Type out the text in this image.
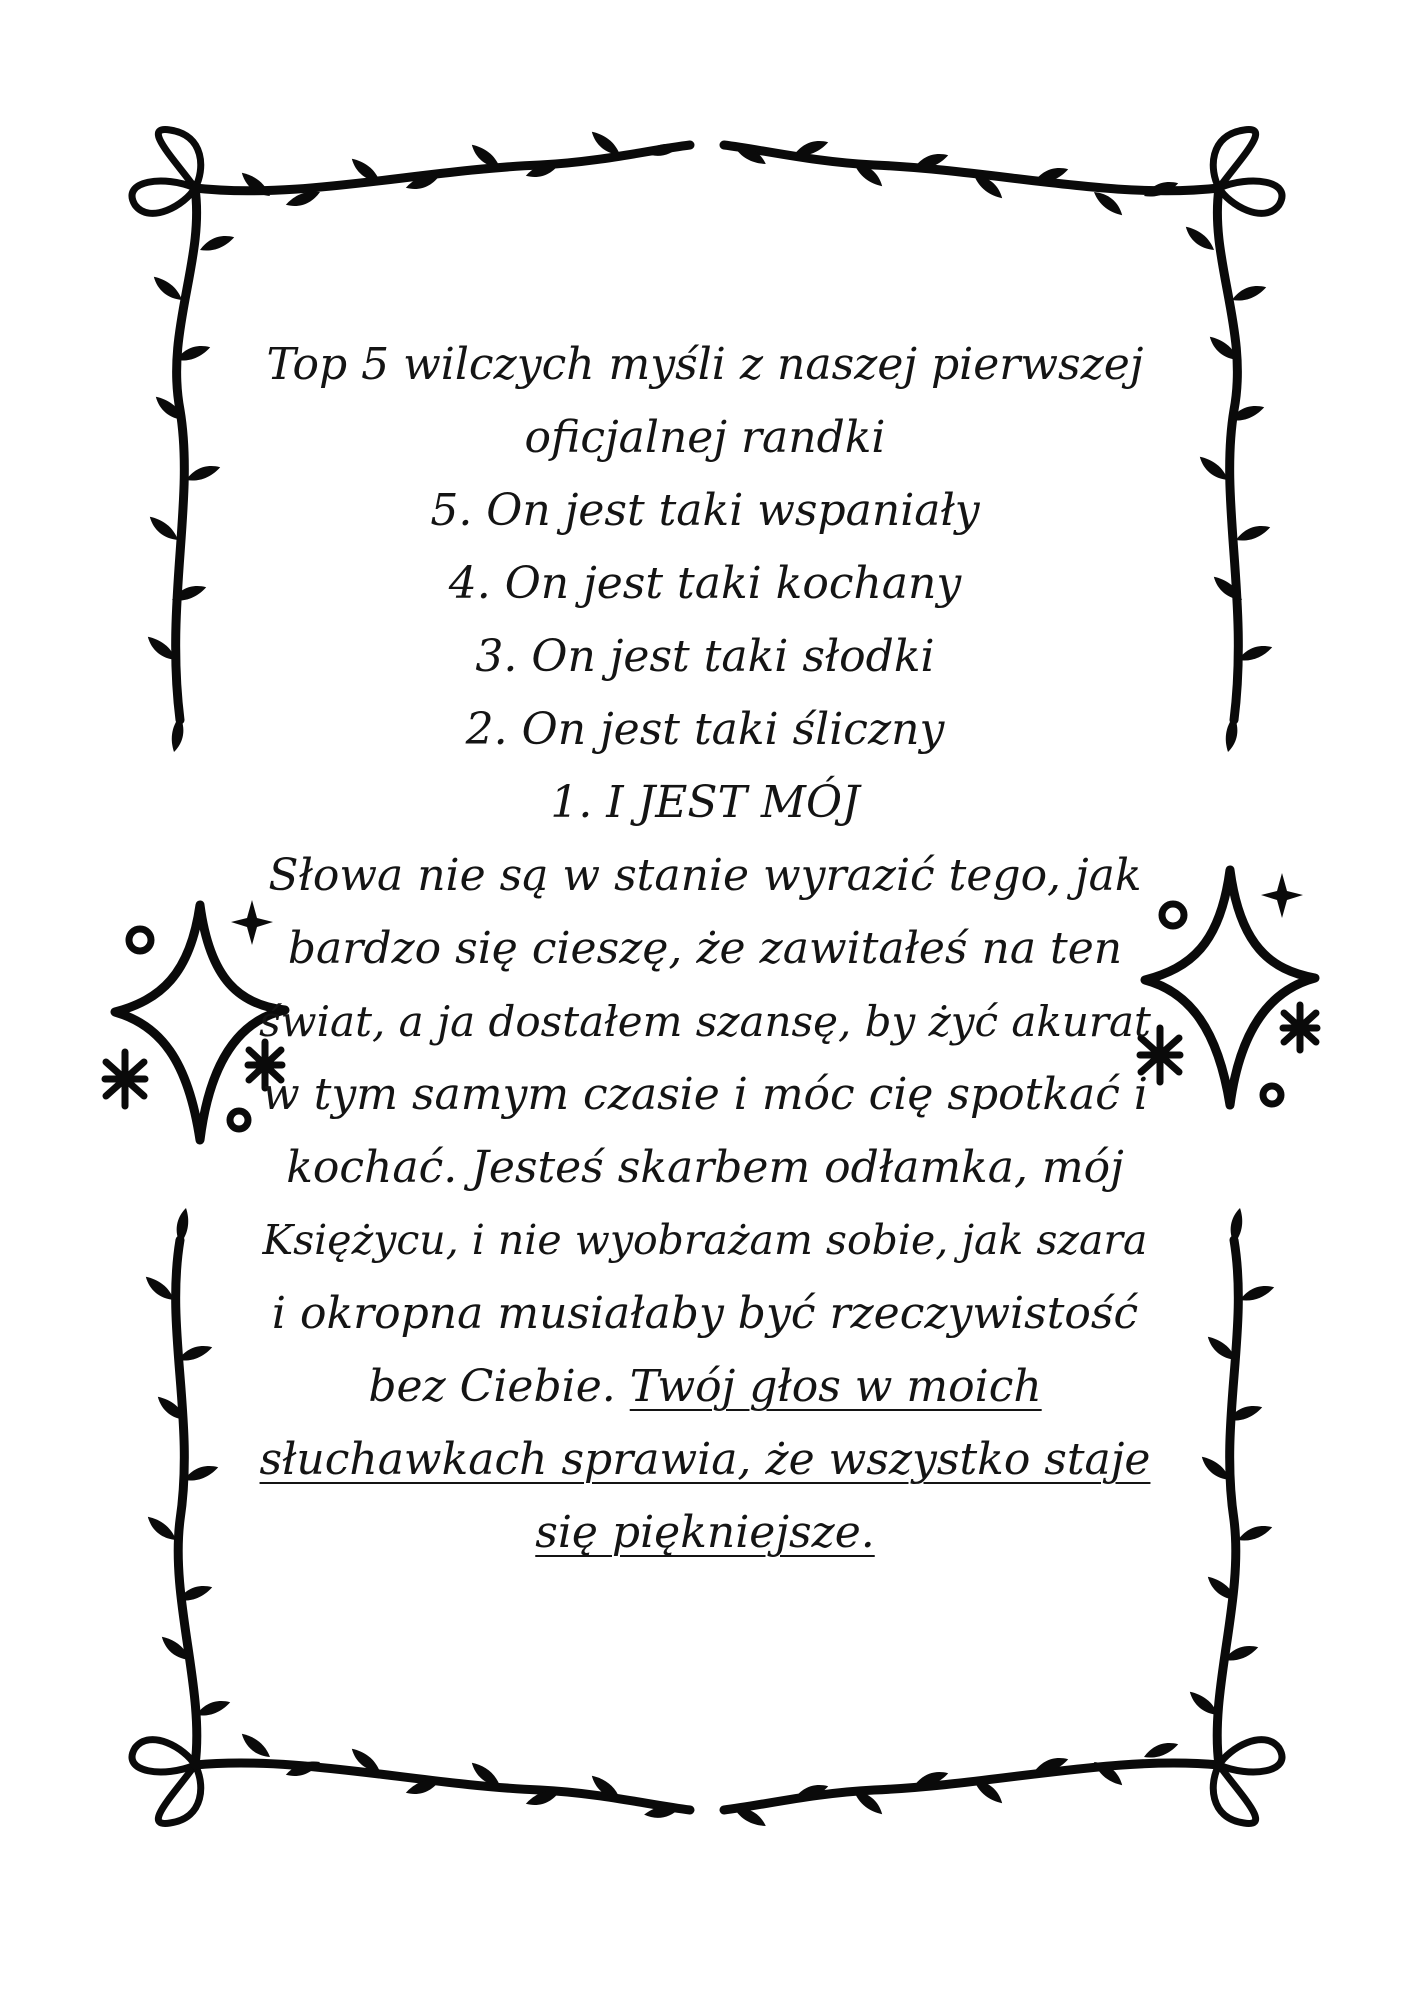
Top 5 wilczych myśli z naszej pierwszej
oficjalnej randki
5. On jest taki wspaniały
4. On jest taki kochany
3. On jest taki słodki
2. On jest taki śliczny
1. I JEST MÓJ
Słowa nie są w stanie wyrazić tego, jak
bardzo się cieszę, że zawitałeś na ten
świat, a ja dostałem szansę, by żyć akurat
w tym samym czasie i móc cię spotkać i
kochać. Jesteś skarbem odłamka, mój
Księżycu, i nie wyobrażam sobie, jak szara
i okropna musiałaby być rzeczywistość
bez Ciebie. Twój głos w moich
słuchawkach sprawia, że wszystko staje
się piękniejsze.
